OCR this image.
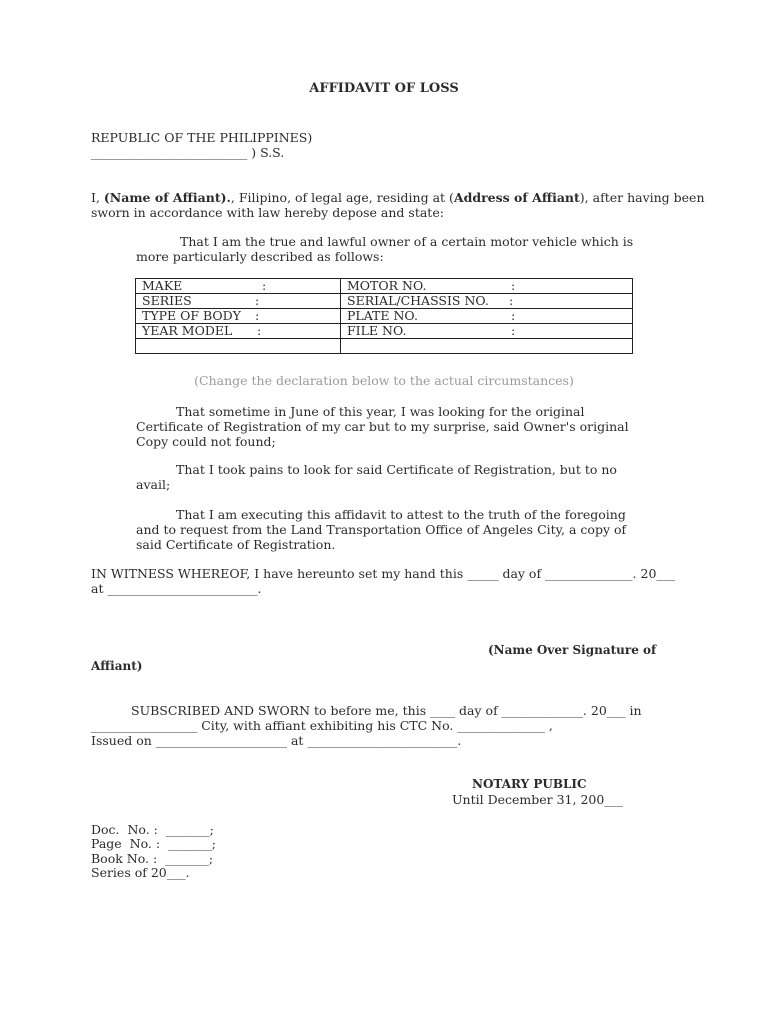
AFFIDAVIT OF LOSS
REPUBLIC OF THE PHILIPPINES)
_________________________ ) S.S.
I, (Name of Affiant)., Filipino, of legal age, residing at (Address of Affiant), after having been
sworn in accordance with law hereby depose and state:
That I am the true and lawful owner of a certain motor vehicle which is
more particularly described as follows:
MAKE :	MOTOR NO. :

SERIES :	SERIAL/CHASSIS NO. :

TYPE OF BODY :	PLATE NO. :

YEAR MODEL :	FILE NO. :

(Change the declaration below to the actual circumstances)
That sometime in June of this year, I was looking for the original
Certificate of Registration of my car but to my surprise, said Owner's original
Copy could not found;
That I took pains to look for said Certificate of Registration, but to no
avail;
That I am executing this affidavit to attest to the truth of the foregoing
and to request from the Land Transportation Office of Angeles City, a copy of
said Certificate of Registration.
IN WITNESS WHEREOF, I have hereunto set my hand this _____ day of ______________. 20___
at ________________________.
(Name Over Signature of
Affiant)
SUBSCRIBED AND SWORN to before me, this ____ day of _____________. 20___ in
_________________ City, with affiant exhibiting his CTC No. ______________ ,
Issued on _____________________ at ________________________.
NOTARY PUBLIC
Until December 31, 200___
Doc.  No. :  _______;
Page  No. :  _______;
Book No. :  _______;
Series of 20___.
